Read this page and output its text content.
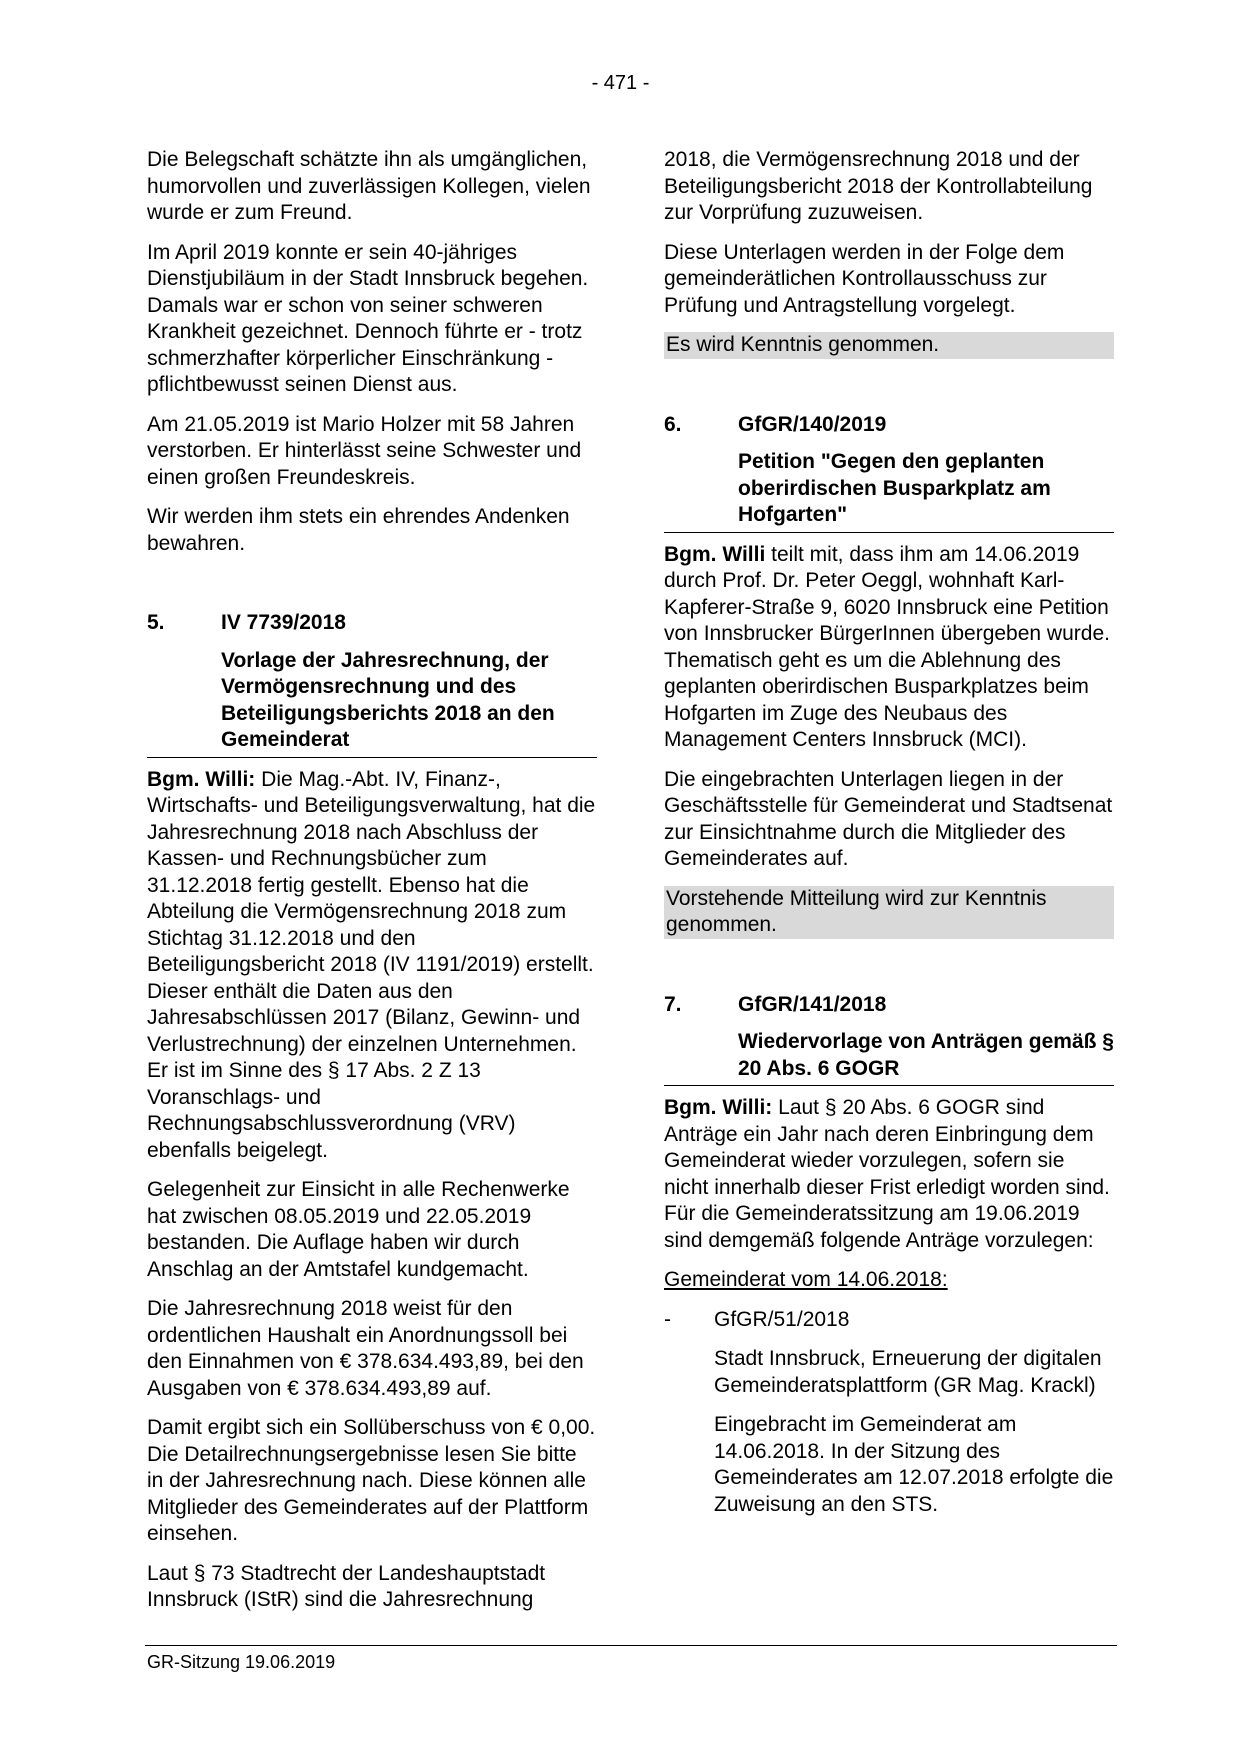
- 471 -

Die Belegschaft schätzte ihn als umgänglichen, humorvollen und zuverlässigen Kollegen, vielen wurde er zum Freund.

Im April 2019 konnte er sein 40-jähriges Dienstjubiläum in der Stadt Innsbruck begehen. Damals war er schon von seiner schweren Krankheit gezeichnet. Dennoch führte er - trotz schmerzhafter körperlicher Einschränkung - pflichtbewusst seinen Dienst aus.

Am 21.05.2019 ist Mario Holzer mit 58 Jahren verstorben. Er hinterlässt seine Schwester und einen großen Freundeskreis.

Wir werden ihm stets ein ehrendes Andenken bewahren.

5.	IV 7739/2018
Vorlage der Jahresrechnung, der Vermögensrechnung und des Beteiligungsberichts 2018 an den Gemeinderat

Bgm. Willi: Die Mag.-Abt. IV, Finanz-, Wirtschafts- und Beteiligungsverwaltung, hat die Jahresrechnung 2018 nach Abschluss der Kassen- und Rechnungsbücher zum 31.12.2018 fertig gestellt. Ebenso hat die Abteilung die Vermögensrechnung 2018 zum Stichtag 31.12.2018 und den Beteiligungsbericht 2018 (IV 1191/2019) erstellt. Dieser enthält die Daten aus den Jahresabschlüssen 2017 (Bilanz, Gewinn- und Verlustrechnung) der einzelnen Unternehmen. Er ist im Sinne des § 17 Abs. 2 Z 13 Voranschlags- und Rechnungsabschlussverordnung (VRV) ebenfalls beigelegt.

Gelegenheit zur Einsicht in alle Rechenwerke hat zwischen 08.05.2019 und 22.05.2019 bestanden. Die Auflage haben wir durch Anschlag an der Amtstafel kundgemacht.

Die Jahresrechnung 2018 weist für den ordentlichen Haushalt ein Anordnungssoll bei den Einnahmen von € 378.634.493,89, bei den Ausgaben von € 378.634.493,89 auf.

Damit ergibt sich ein Sollüberschuss von € 0,00. Die Detailrechnungsergebnisse lesen Sie bitte in der Jahresrechnung nach. Diese können alle Mitglieder des Gemeinderates auf der Plattform einsehen.

Laut § 73 Stadtrecht der Landeshauptstadt Innsbruck (IStR) sind die Jahresrechnung

2018, die Vermögensrechnung 2018 und der Beteiligungsbericht 2018 der Kontrollabteilung zur Vorprüfung zuzuweisen.

Diese Unterlagen werden in der Folge dem gemeinderätlichen Kontrollausschuss zur Prüfung und Antragstellung vorgelegt.

Es wird Kenntnis genommen.
6.	GfGR/140/2019
Petition "Gegen den geplanten oberirdischen Busparkplatz am Hofgarten"

Bgm. Willi teilt mit, dass ihm am 14.06.2019 durch Prof. Dr. Peter Oeggl, wohnhaft Karl-Kapferer-Straße 9, 6020 Innsbruck eine Petition von Innsbrucker BürgerInnen übergeben wurde. Thematisch geht es um die Ablehnung des geplanten oberirdischen Busparkplatzes beim Hofgarten im Zuge des Neubaus des Management Centers Innsbruck (MCI).

Die eingebrachten Unterlagen liegen in der Geschäftsstelle für Gemeinderat und Stadtsenat zur Einsichtnahme durch die Mitglieder des Gemeinderates auf.

Vorstehende Mitteilung wird zur Kenntnis genommen.
7.	GfGR/141/2018
Wiedervorlage von Anträgen gemäß § 20 Abs. 6 GOGR

Bgm. Willi: Laut § 20 Abs. 6 GOGR sind Anträge ein Jahr nach deren Einbringung dem Gemeinderat wieder vorzulegen, sofern sie nicht innerhalb dieser Frist erledigt worden sind. Für die Gemeinderatssitzung am 19.06.2019 sind demgemäß folgende Anträge vorzulegen:

Gemeinderat vom 14.06.2018:

-	GfGR/51/2018

Stadt Innsbruck, Erneuerung der digitalen Gemeinderatsplattform (GR Mag. Krackl)

Eingebracht im Gemeinderat am 14.06.2018. In der Sitzung des Gemeinderates am 12.07.2018 erfolgte die Zuweisung an den STS.

GR-Sitzung 19.06.2019
